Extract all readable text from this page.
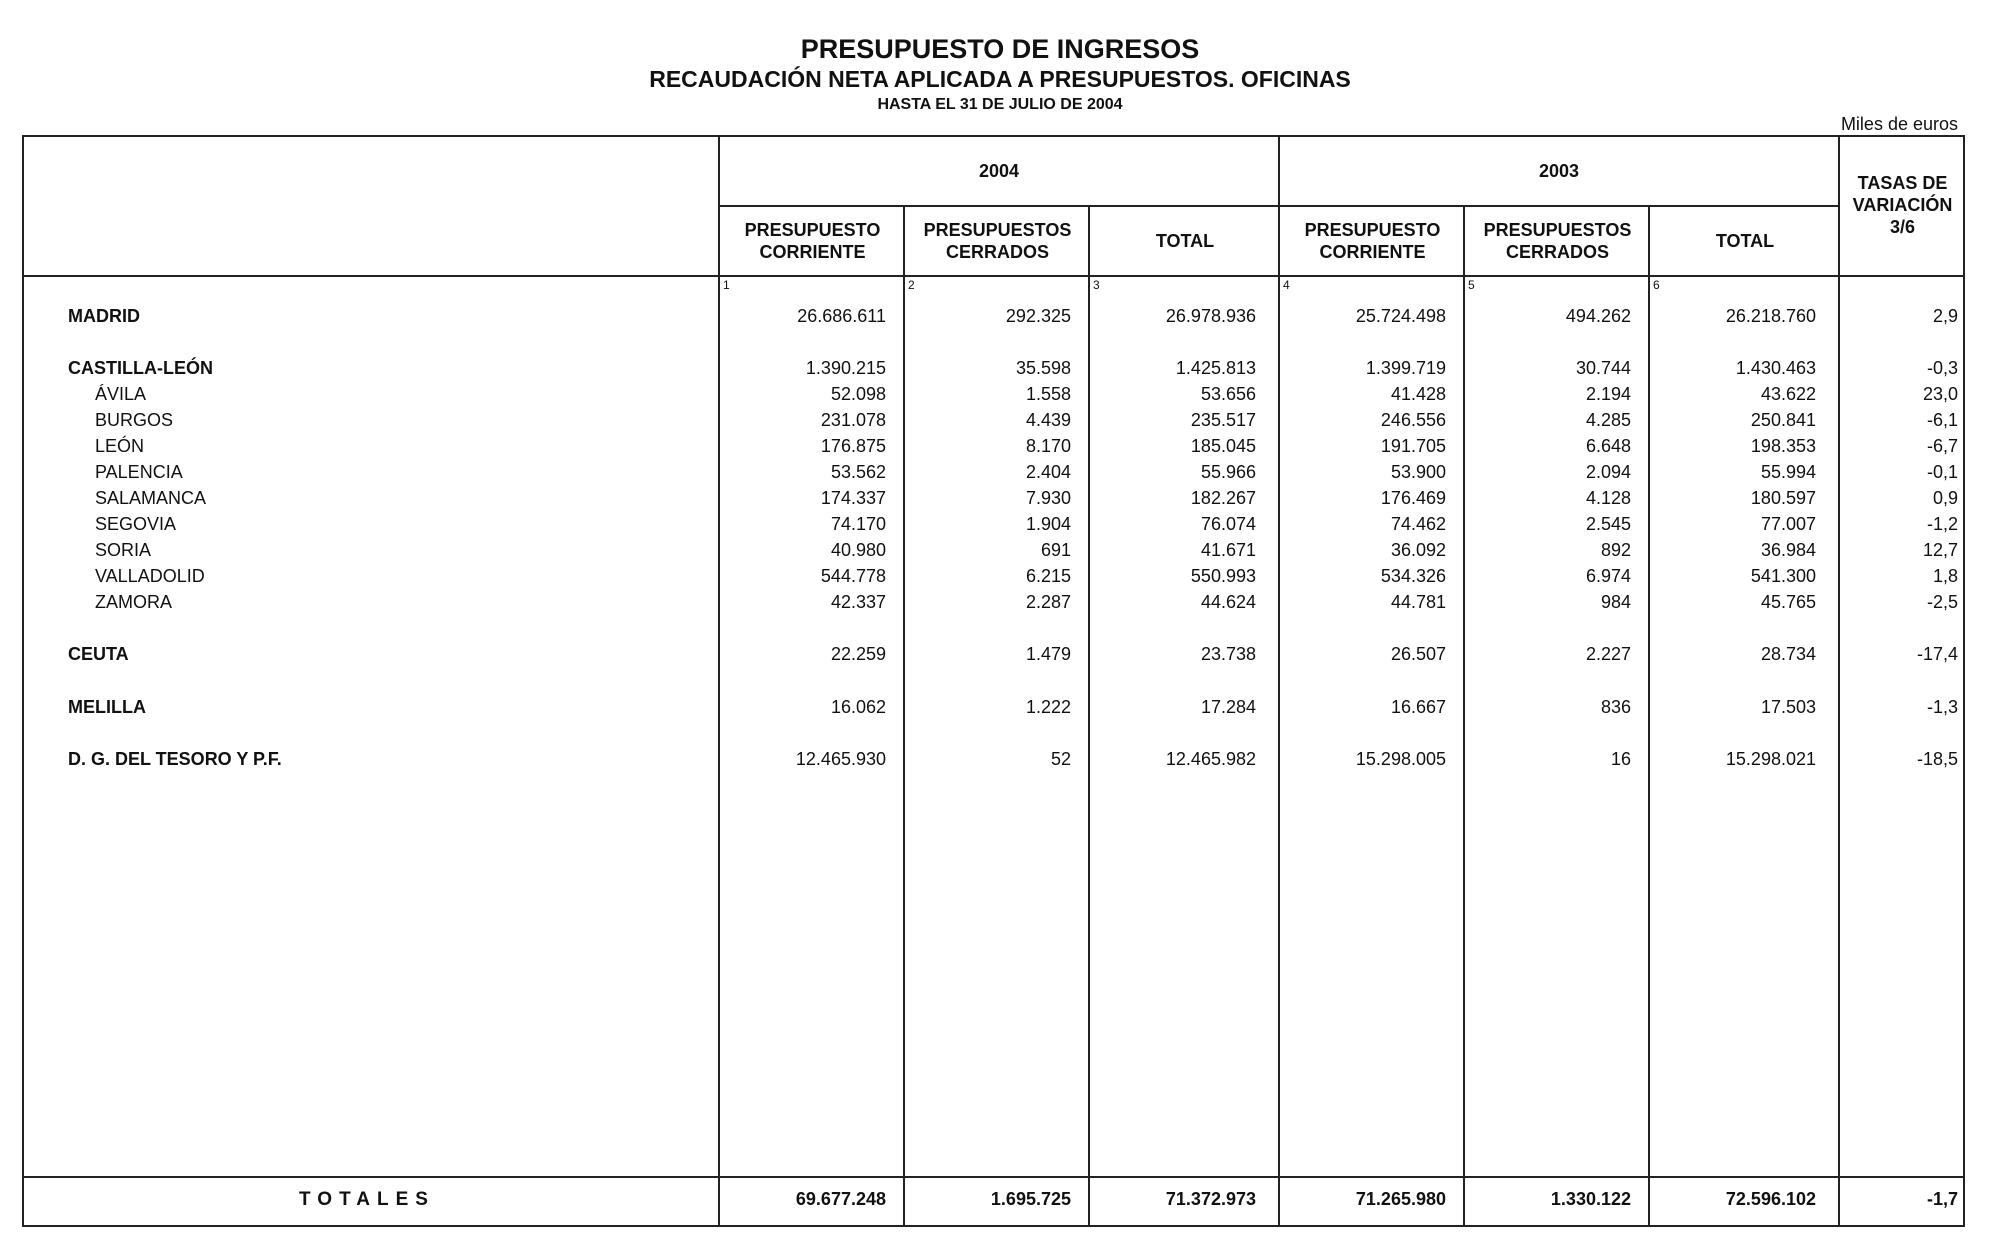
PRESUPUESTO DE INGRESOS
RECAUDACIÓN NETA APLICADA A PRESUPUESTOS. OFICINAS
HASTA EL 31 DE JULIO DE 2004
Miles de euros
2004	2003
TASAS DE VARIACIÓN 3/6
PRESUPUESTO CORRIENTE
PRESUPUESTOS CERRADOS
TOTAL
PRESUPUESTO CORRIENTE
PRESUPUESTOS CERRADOS
TOTAL
1	2	3	4	5	6
MADRID	26.686.611	292.325	26.978.936	25.724.498	494.262	26.218.760	2,9
CASTILLA-LEÓN	1.390.215	35.598	1.425.813	1.399.719	30.744	1.430.463	-0,3
ÁVILA	52.098	1.558	53.656	41.428	2.194	43.622	23,0
BURGOS	231.078	4.439	235.517	246.556	4.285	250.841	-6,1
LEÓN	176.875	8.170	185.045	191.705	6.648	198.353	-6,7
PALENCIA	53.562	2.404	55.966	53.900	2.094	55.994	-0,1
SALAMANCA	174.337	7.930	182.267	176.469	4.128	180.597	0,9
SEGOVIA	74.170	1.904	76.074	74.462	2.545	77.007	-1,2
SORIA	40.980	691	41.671	36.092	892	36.984	12,7
VALLADOLID	544.778	6.215	550.993	534.326	6.974	541.300	1,8
ZAMORA	42.337	2.287	44.624	44.781	984	45.765	-2,5
CEUTA	22.259	1.479	23.738	26.507	2.227	28.734	-17,4
MELILLA	16.062	1.222	17.284	16.667	836	17.503	-1,3
D. G. DEL TESORO Y P.F.	12.465.930	52	12.465.982	15.298.005	16	15.298.021	-18,5
TOTALES	69.677.248	1.695.725	71.372.973	71.265.980	1.330.122	72.596.102	-1,7
